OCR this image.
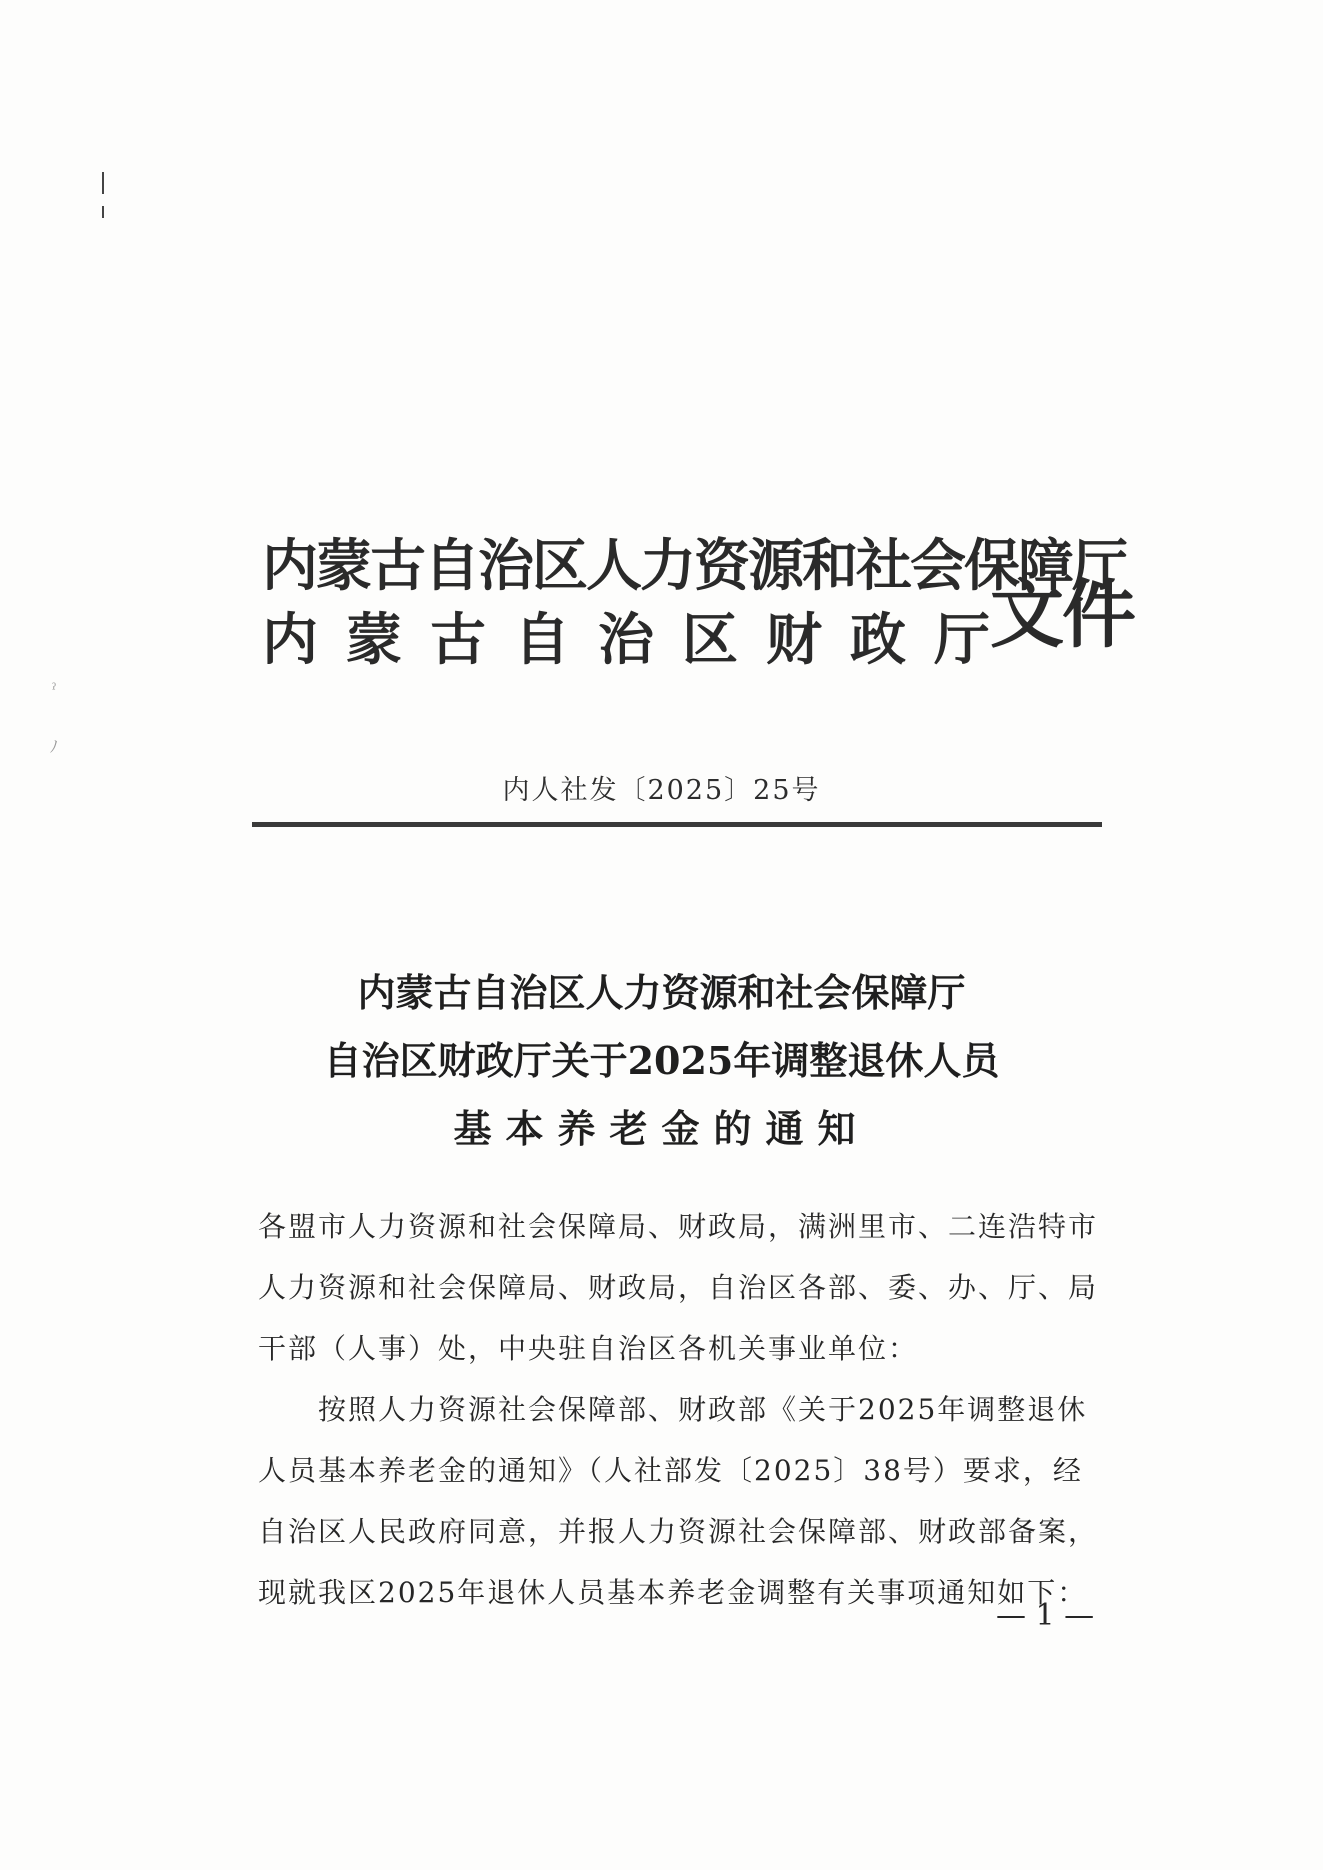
ˀ
ﾉ
内蒙古自治区人力资源和社会保障厅
内蒙古自治区财政厅
文件
内人社发〔2025〕25号
内蒙古自治区人力资源和社会保障厅
自治区财政厅关于2025年调整退休人员
基本养老金的通知
各盟市人力资源和社会保障局、财政局，满洲里市、二连浩特市
人力资源和社会保障局、财政局，自治区各部、委、办、厅、局
干部（人事）处，中央驻自治区各机关事业单位：
按照人力资源社会保障部、财政部《关于2025年调整退休
人员基本养老金的通知》（人社部发〔2025〕38号）要求，经
自治区人民政府同意，并报人力资源社会保障部、财政部备案，
现就我区2025年退休人员基本养老金调整有关事项通知如下：
— 1 —
